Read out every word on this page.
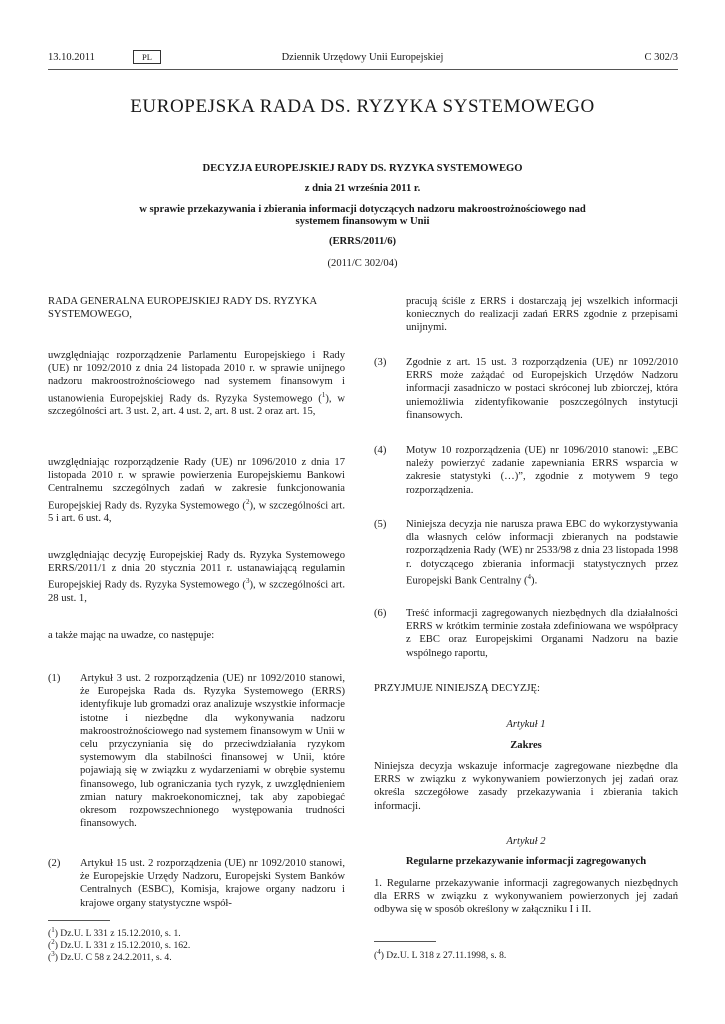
13.10.2011	PL	Dziennik Urzędowy Unii Europejskiej	C 302/3
EUROPEJSKA RADA DS. RYZYKA SYSTEMOWEGO
DECYZJA EUROPEJSKIEJ RADY DS. RYZYKA SYSTEMOWEGO
z dnia 21 września 2011 r.
w sprawie przekazywania i zbierania informacji dotyczących nadzoru makroostrożnościowego nad
systemem finansowym w Unii
(ERRS/2011/6)
(2011/C 302/04)
RADA GENERALNA EUROPEJSKIEJ RADY DS. RYZYKA SYSTEMOWEGO,
uwzględniając rozporządzenie Parlamentu Europejskiego i Rady (UE) nr 1092/2010 z dnia 24 listopada 2010 r. w sprawie unijnego nadzoru makroostrożnościowego nad systemem finansowym i ustanowienia Europejskiej Rady ds. Ryzyka Systemowego ($^1$), w szczególności art. 3 ust. 2, art. 4 ust. 2, art. 8 ust. 2 oraz art. 15,
uwzględniając rozporządzenie Rady (UE) nr 1096/2010 z dnia 17 listopada 2010 r. w sprawie powierzenia Europejskiemu Bankowi Centralnemu szczególnych zadań w zakresie funkcjonowania Europejskiej Rady ds. Ryzyka Systemowego ($^2$), w szczególności art. 5 i art. 6 ust. 4,
uwzględniając decyzję Europejskiej Rady ds. Ryzyka Systemowego ERRS/2011/1 z dnia 20 stycznia 2011 r. ustanawiającą regulamin Europejskiej Rady ds. Ryzyka Systemowego ($^3$), w szczególności art. 28 ust. 1,
a także mając na uwadze, co następuje:
(1) Artykuł 3 ust. 2 rozporządzenia (UE) nr 1092/2010 stanowi, że Europejska Rada ds. Ryzyka Systemowego (ERRS) identyfikuje lub gromadzi oraz analizuje wszystkie informacje istotne i niezbędne dla wykonywania nadzoru makroostrożnościowego nad systemem finansowym w Unii w celu przyczyniania się do przeciwdziałania ryzykom systemowym dla stabilności finansowej w Unii, które pojawiają się w związku z wydarzeniami w obrębie systemu finansowego, lub ograniczania tych ryzyk, z uwzględnieniem zmian natury makroekonomicznej, tak aby zapobiegać okresom rozpowszechnionego występowania trudności finansowych.
(2) Artykuł 15 ust. 2 rozporządzenia (UE) nr 1092/2010 stanowi, że Europejskie Urzędy Nadzoru, Europejski System Banków Centralnych (ESBC), Komisja, krajowe organy nadzoru i krajowe organy statystyczne współ-
($^1$) Dz.U. L 331 z 15.12.2010, s. 1.
($^2$) Dz.U. L 331 z 15.12.2010, s. 162.
($^3$) Dz.U. C 58 z 24.2.2011, s. 4.
pracują ściśle z ERRS i dostarczają jej wszelkich informacji koniecznych do realizacji zadań ERRS zgodnie z przepisami unijnymi.
(3) Zgodnie z art. 15 ust. 3 rozporządzenia (UE) nr 1092/2010 ERRS może zażądać od Europejskich Urzędów Nadzoru informacji zasadniczo w postaci skróconej lub zbiorczej, która uniemożliwia zidentyfikowanie poszczególnych instytucji finansowych.
(4) Motyw 10 rozporządzenia (UE) nr 1096/2010 stanowi: „EBC należy powierzyć zadanie zapewniania ERRS wsparcia w zakresie statystyki (…)”, zgodnie z motywem 9 tego rozporządzenia.
(5) Niniejsza decyzja nie narusza prawa EBC do wykorzystywania dla własnych celów informacji zbieranych na podstawie rozporządzenia Rady (WE) nr 2533/98 z dnia 23 listopada 1998 r. dotyczącego zbierania informacji statystycznych przez Europejski Bank Centralny ($^4$).
(6) Treść informacji zagregowanych niezbędnych dla działalności ERRS w krótkim terminie została zdefiniowana we współpracy z EBC oraz Europejskimi Organami Nadzoru na bazie wspólnego raportu,
PRZYJMUJE NINIEJSZĄ DECYZJĘ:
Artykuł 1
Zakres
Niniejsza decyzja wskazuje informacje zagregowane niezbędne dla ERRS w związku z wykonywaniem powierzonych jej zadań oraz określa szczegółowe zasady przekazywania i zbierania takich informacji.
Artykuł 2
Regularne przekazywanie informacji zagregowanych
1. Regularne przekazywanie informacji zagregowanych niezbędnych dla ERRS w związku z wykonywaniem powierzonych jej zadań odbywa się w sposób określony w załączniku I i II.
($^4$) Dz.U. L 318 z 27.11.1998, s. 8.
